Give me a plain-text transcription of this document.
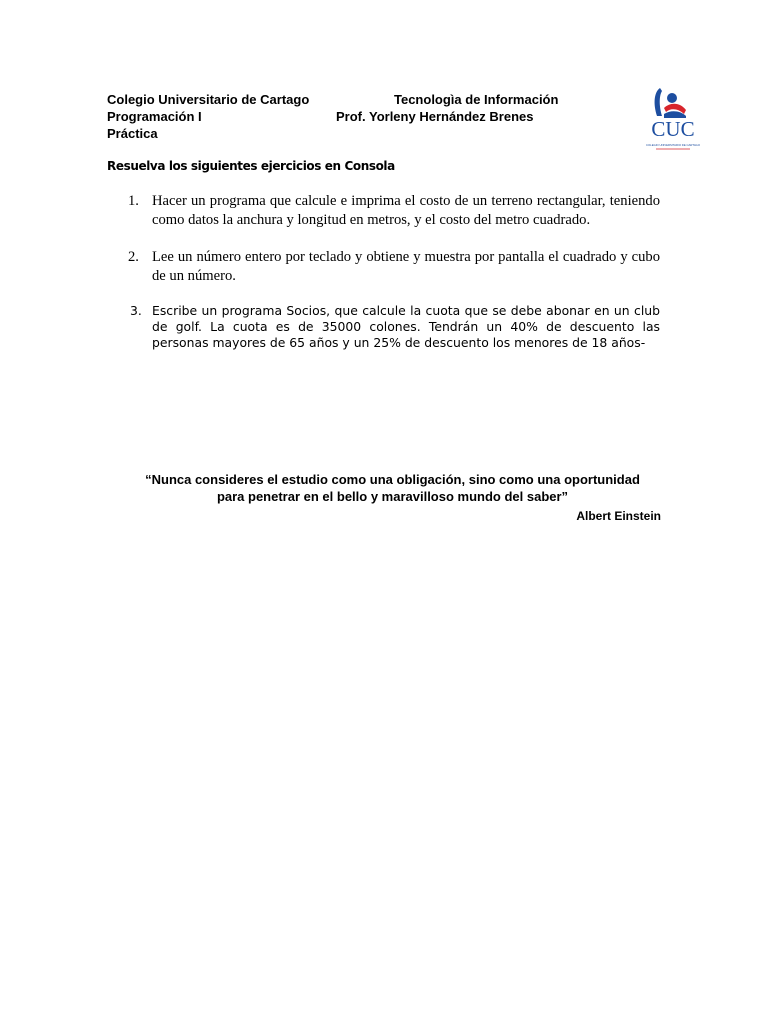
Colegio Universitario de Cartago	Tecnologìa de Información
Programación I	Prof. Yorleny Hernández Brenes
Práctica	CUC
COLEGIO UNIVERSITARIO DE CARTAGO
Resuelva los siguientes ejercicios en Consola
1. Hacer un programa que calcule e imprima el costo de un terreno rectangular, teniendo como datos la anchura y longitud en metros, y el costo del metro cuadrado.
2. Lee un número entero por teclado y obtiene y muestra por pantalla el cuadrado y cubo de un número.
3. Escribe un programa Socios, que calcule la cuota que se debe abonar en un club de golf. La cuota es de 35000 colones. Tendrán un 40% de descuento las personas mayores de 65 años y un 25% de descuento los menores de 18 años-
“Nunca consideres el estudio como una obligación, sino como una oportunidad
para penetrar en el bello y maravilloso mundo del saber”
Albert Einstein
